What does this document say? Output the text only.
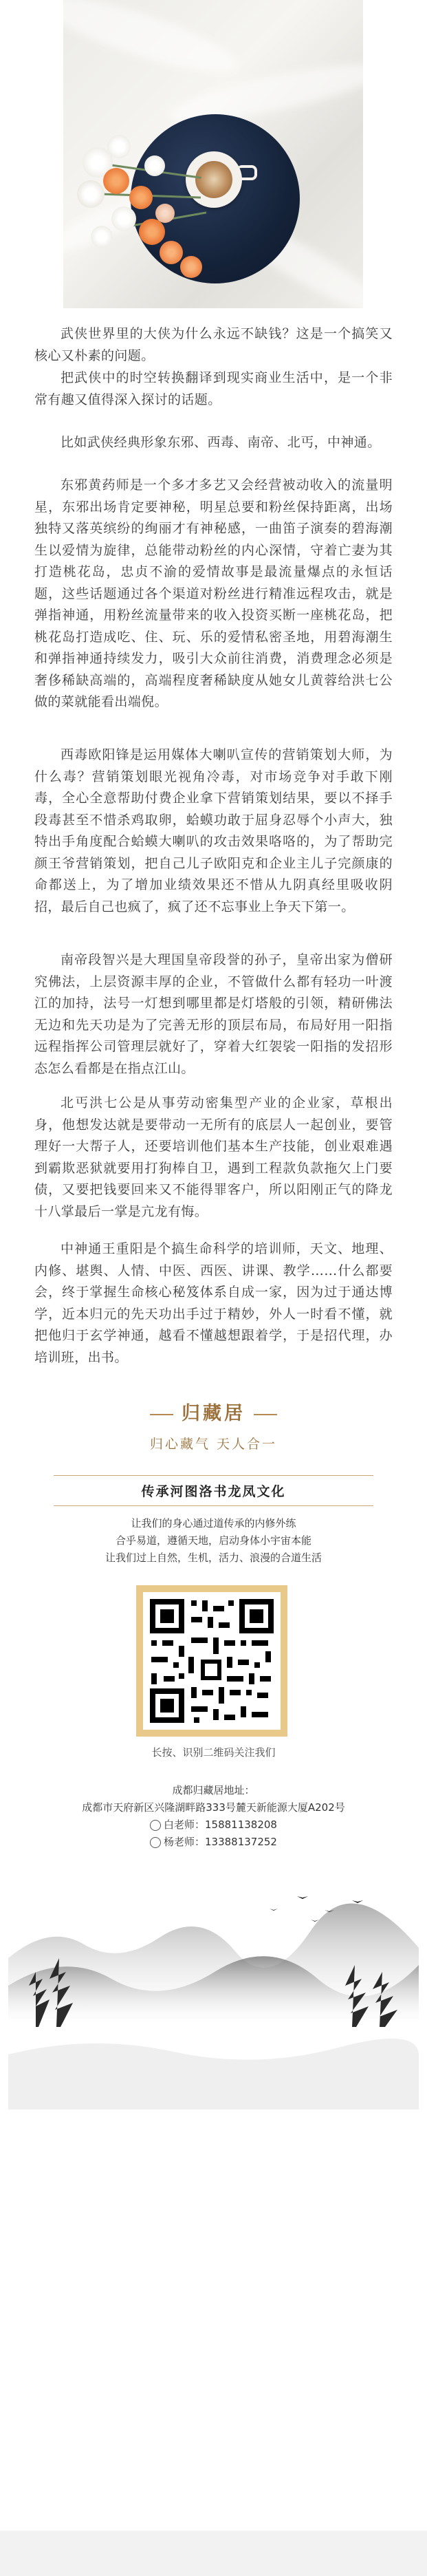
武侠世界里的大侠为什么永远不缺钱？这是一个搞笑又核心又朴素的问题。

把武侠中的时空转换翻译到现实商业生活中，是一个非常有趣又值得深入探讨的话题。

比如武侠经典形象东邪、西毒、南帝、北丐，中神通。

东邪黄药师是一个多才多艺又会经营被动收入的流量明星，东邪出场肯定要神秘，明星总要和粉丝保持距离，出场独特又落英缤纷的绚丽才有神秘感，一曲笛子演奏的碧海潮生以爱情为旋律，总能带动粉丝的内心深情，守着亡妻为其打造桃花岛，忠贞不渝的爱情故事是最流量爆点的永恒话题，这些话题通过各个渠道对粉丝进行精准远程攻击，就是弹指神通，用粉丝流量带来的收入投资买断一座桃花岛，把桃花岛打造成吃、住、玩、乐的爱情私密圣地，用碧海潮生和弹指神通持续发力，吸引大众前往消费，消费理念必须是奢侈稀缺高端的，高端程度奢稀缺度从她女儿黄蓉给洪七公做的菜就能看出端倪。

西毒欧阳锋是运用媒体大喇叭宣传的营销策划大师，为什么毒？营销策划眼光视角冷毒，对市场竞争对手敢下刚毒，全心全意帮助付费企业拿下营销策划结果，要以不择手段毒甚至不惜杀鸡取卵，蛤蟆功敢于屈身忍辱个小声大，独特出手角度配合蛤蟆大喇叭的攻击效果咯咯的，为了帮助完颜王爷营销策划，把自己儿子欧阳克和企业主儿子完颜康的命都送上，为了增加业绩效果还不惜从九阴真经里吸收阴招，最后自己也疯了，疯了还不忘事业上争天下第一。

南帝段智兴是大理国皇帝段誉的孙子，皇帝出家为僧研究佛法，上层资源丰厚的企业，不管做什么都有轻功一叶渡江的加持，法号一灯想到哪里都是灯塔般的引领，精研佛法无边和先天功是为了完善无形的顶层布局，布局好用一阳指远程指挥公司管理层就好了，穿着大红袈裟一阳指的发招形态怎么看都是在指点江山。

北丐洪七公是从事劳动密集型产业的企业家，草根出身，他想发达就是要带动一无所有的底层人一起创业，要管理好一大帮子人，还要培训他们基本生产技能，创业艰难遇到霸欺恶狱就要用打狗棒自卫，遇到工程款负款拖欠上门要债，又要把钱要回来又不能得罪客户，所以阳刚正气的降龙十八掌最后一掌是亢龙有悔。

中神通王重阳是个搞生命科学的培训师，天文、地理、内修、堪舆、人情、中医、西医、讲课、教学……什么都要会，终于掌握生命核心秘笈体系自成一家，因为过于通达博学，近本归元的先天功出手过于精妙，外人一时看不懂，就把他归于玄学神通，越看不懂越想跟着学，于是招代理，办培训班，出书。

归藏居
归心藏气 天人合一
传承河图洛书龙凤文化
让我们的身心通过道传承的内修外练
合乎易道，遵循天地，启动身体小宇宙本能
让我们过上自然，生机，活力、浪漫的合道生活
长按、识别二维码关注我们
成都归藏居地址：
成都市天府新区兴隆湖畔路333号麓天新能源大厦A202号
白老师：15881138208
杨老师：13388137252
